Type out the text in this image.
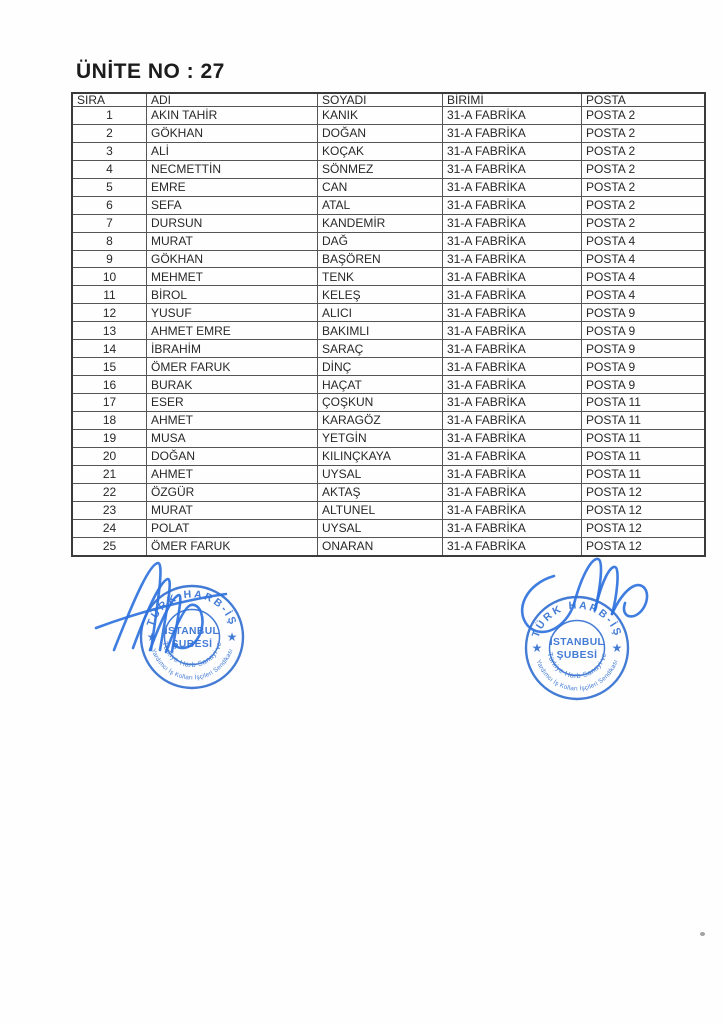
ÜNİTE NO : 27
SIRA	ADI	SOYADI	BİRİMİ	POSTA
1	AKIN TAHİR	KANIK	31-A FABRİKA	POSTA 2
2	GÖKHAN	DOĞAN	31-A FABRİKA	POSTA 2
3	ALİ	KOÇAK	31-A FABRİKA	POSTA 2
4	NECMETTİN	SÖNMEZ	31-A FABRİKA	POSTA 2
5	EMRE	CAN	31-A FABRİKA	POSTA 2
6	SEFA	ATAL	31-A FABRİKA	POSTA 2
7	DURSUN	KANDEMİR	31-A FABRİKA	POSTA 2
8	MURAT	DAĞ	31-A FABRİKA	POSTA 4
9	GÖKHAN	BAŞÖREN	31-A FABRİKA	POSTA 4
10	MEHMET	TENK	31-A FABRİKA	POSTA 4
11	BİROL	KELEŞ	31-A FABRİKA	POSTA 4
12	YUSUF	ALICI	31-A FABRİKA	POSTA 9
13	AHMET EMRE	BAKIMLI	31-A FABRİKA	POSTA 9
14	İBRAHİM	SARAÇ	31-A FABRİKA	POSTA 9
15	ÖMER FARUK	DİNÇ	31-A FABRİKA	POSTA 9
16	BURAK	HAÇAT	31-A FABRİKA	POSTA 9
17	ESER	ÇOŞKUN	31-A FABRİKA	POSTA 11
18	AHMET	KARAGÖZ	31-A FABRİKA	POSTA 11
19	MUSA	YETGİN	31-A FABRİKA	POSTA 11
20	DOĞAN	KILINÇKAYA	31-A FABRİKA	POSTA 11
21	AHMET	UYSAL	31-A FABRİKA	POSTA 11
22	ÖZGÜR	AKTAŞ	31-A FABRİKA	POSTA 12
23	MURAT	ALTUNEL	31-A FABRİKA	POSTA 12
24	POLAT	UYSAL	31-A FABRİKA	POSTA 12
25	ÖMER FARUK	ONARAN	31-A FABRİKA	POSTA 12
TÜRK HARB-İŞ
Türkiye Harb Sanayi ve
Yardımcı İş Kolları İşçileri Sendikası
★	★
İSTANBUL
ŞUBESİ
TÜRK HARB-İŞ
Türkiye Harb Sanayi ve
Yardımcı İş Kolları İşçileri Sendikası
★	★
İSTANBUL
ŞUBESİ
